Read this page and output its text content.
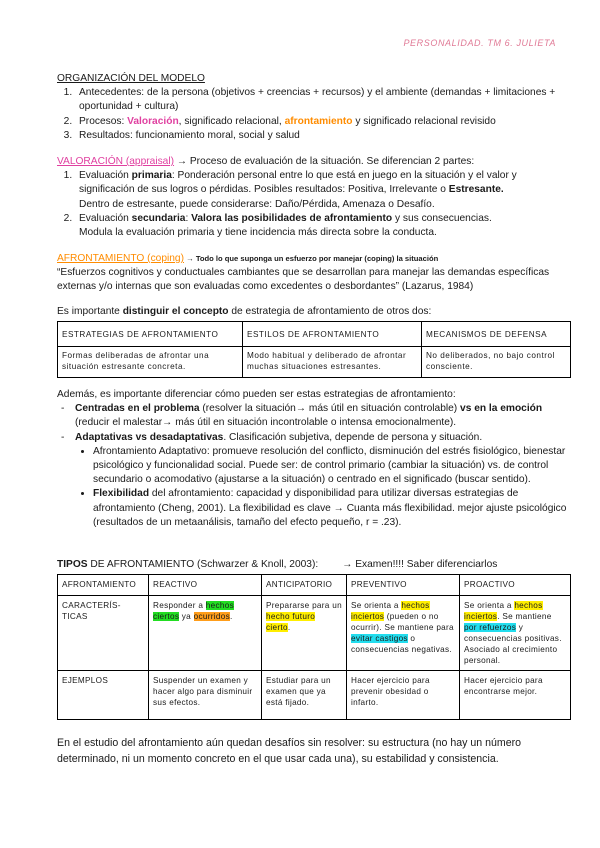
PERSONALIDAD. TM 6. JULIETA
ORGANIZACIÓN DEL MODELO
1. Antecedentes: de la persona (objetivos + creencias + recursos) y el ambiente (demandas + limitaciones + oportunidad + cultura)
2. Procesos: Valoración, significado relacional, afrontamiento y significado relacional revisido
3. Resultados: funcionamiento moral, social y salud
VALORACIÓN (appraisal) → Proceso de evaluación de la situación. Se diferencian 2 partes:
1. Evaluación primaria: Ponderación personal entre lo que está en juego en la situación y el valor y significación de sus logros o pérdidas. Posibles resultados: Positiva, Irrelevante o Estresante.
Dentro de estresante, puede considerarse: Daño/Pérdida, Amenaza o Desafío.
2. Evaluación secundaria: Valora las posibilidades de afrontamiento y sus consecuencias.
Modula la evaluación primaria y tiene incidencia más directa sobre la conducta.
AFRONTAMIENTO (coping) → Todo lo que suponga un esfuerzo por manejar (coping) la situación
“Esfuerzos cognitivos y conductuales cambiantes que se desarrollan para manejar las demandas específicas externas y/o internas que son evaluadas como excedentes o desbordantes” (Lazarus, 1984)
Es importante distinguir el concepto de estrategia de afrontamiento de otros dos:
ESTRATEGIAS DE AFRONTAMIENTO	ESTILOS DE AFRONTAMIENTO	MECANISMOS DE DEFENSA
Formas deliberadas de afrontar una situación estresante concreta.	Modo habitual y deliberado de afrontar muchas situaciones estresantes.	No deliberados, no bajo control consciente.
Además, es importante diferenciar cómo pueden ser estas estrategias de afrontamiento:
- Centradas en el problema (resolver la situación→ más útil en situación controlable) vs en la emoción (reducir el malestar→ más útil en situación incontrolable o intensa emocionalmente).
- Adaptativas vs desadaptativas. Clasificación subjetiva, depende de persona y situación.
• Afrontamiento Adaptativo: promueve resolución del conflicto, disminución del estrés fisiológico, bienestar psicológico y funcionalidad social. Puede ser: de control primario (cambiar la situación) vs. de control secundario o acomodativo (ajustarse a la situación) o centrado en el significado (buscar sentido).
• Flexibilidad del afrontamiento: capacidad y disponibilidad para utilizar diversas estrategias de afrontamiento (Cheng, 2001). La flexibilidad es clave → Cuanta más flexibilidad. mejor ajuste psicológico (resultados de un metaanálisis, tamaño del efecto pequeño, r = .23).
TIPOS DE AFRONTAMIENTO (Schwarzer & Knoll, 2003): → Examen!!!! Saber diferenciarlos
AFRONTAMIENTO	REACTIVO	ANTICIPATORIO	PREVENTIVO	PROACTIVO
CARACTERÍS-TICAS	Responder a hechos ciertos ya ocurridos.	Prepararse para un hecho futuro cierto.	Se orienta a hechos inciertos (pueden o no ocurrir). Se mantiene para evitar castigos o consecuencias negativas.	Se orienta a hechos inciertos. Se mantiene por refuerzos y consecuencias positivas. Asociado al crecimiento personal.
EJEMPLOS	Suspender un examen y hacer algo para disminuir sus efectos.	Estudiar para un examen que ya está fijado.	Hacer ejercicio para prevenir obesidad o infarto.	Hacer ejercicio para encontrarse mejor.
En el estudio del afrontamiento aún quedan desafíos sin resolver: su estructura (no hay un número determinado, ni un momento concreto en el que usar cada una), su estabilidad y consistencia.
